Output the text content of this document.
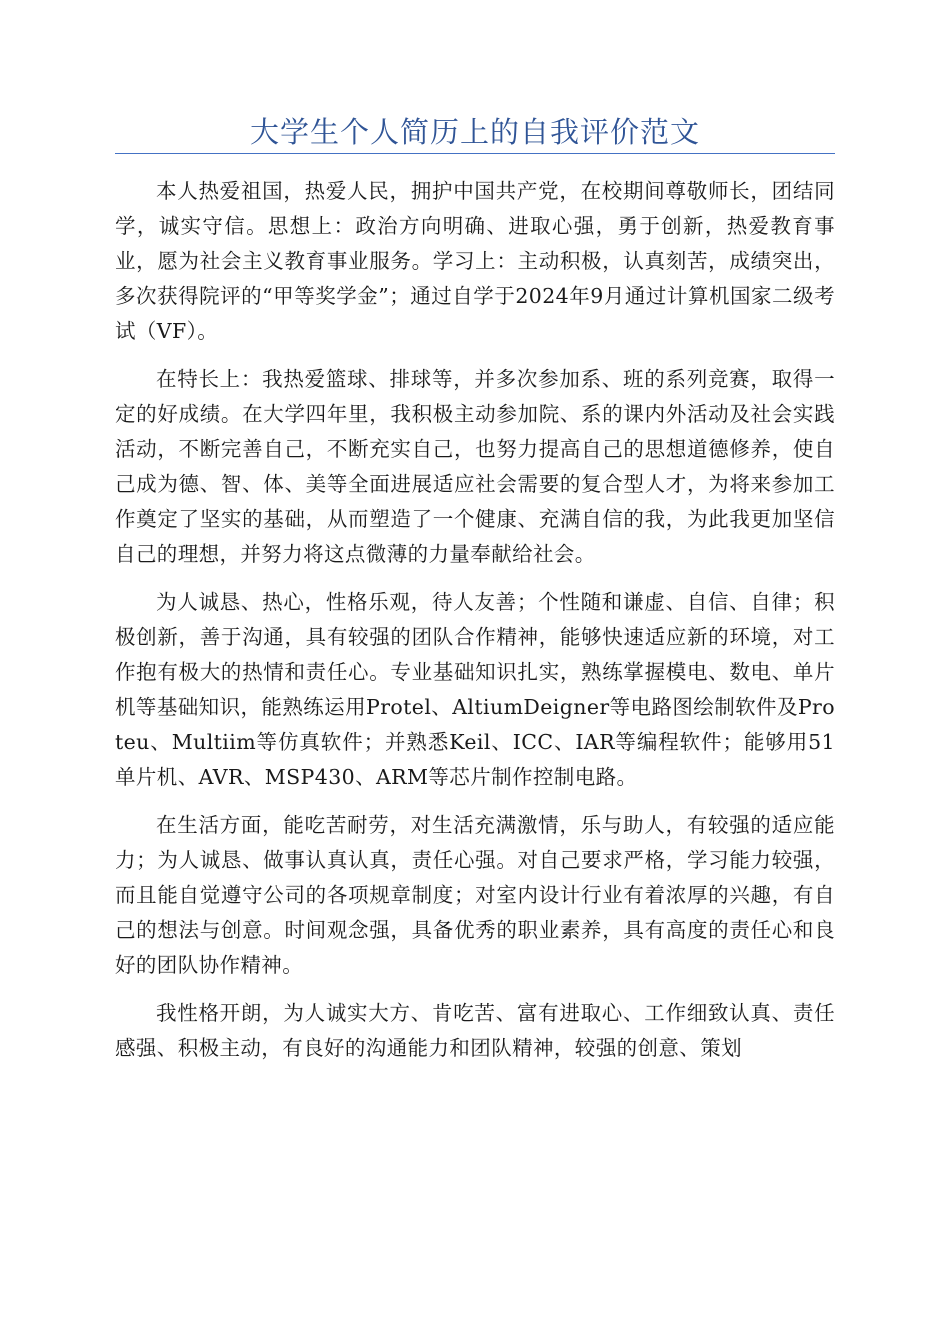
大学生个人简历上的自我评价范文

本人热爱祖国，热爱人民，拥护中国共产党，在校期间尊敬师长，团结同学，诚实守信。思想上：政治方向明确、进取心强，勇于创新，热爱教育事业，愿为社会主义教育事业服务。学习上：主动积极，认真刻苦，成绩突出，多次获得院评的“甲等奖学金”；通过自学于2024年9月通过计算机国家二级考试（VF）。

在特长上：我热爱篮球、排球等，并多次参加系、班的系列竞赛，取得一定的好成绩。在大学四年里，我积极主动参加院、系的课内外活动及社会实践活动，不断完善自己，不断充实自己，也努力提高自己的思想道德修养，使自己成为德、智、体、美等全面进展适应社会需要的复合型人才，为将来参加工作奠定了坚实的基础，从而塑造了一个健康、充满自信的我，为此我更加坚信自己的理想，并努力将这点微薄的力量奉献给社会。

为人诚恳、热心，性格乐观，待人友善；个性随和谦虚、自信、自律；积极创新，善于沟通，具有较强的团队合作精神，能够快速适应新的环境，对工作抱有极大的热情和责任心。专业基础知识扎实，熟练掌握模电、数电、单片机等基础知识，能熟练运用Protel、AltiumDeigner等电路图绘制软件及Proteu、Multiim等仿真软件；并熟悉Keil、ICC、IAR等编程软件；能够用51单片机、AVR、MSP430、ARM等芯片制作控制电路。

在生活方面，能吃苦耐劳，对生活充满激情，乐与助人，有较强的适应能力；为人诚恳、做事认真认真，责任心强。对自己要求严格，学习能力较强，而且能自觉遵守公司的各项规章制度；对室内设计行业有着浓厚的兴趣，有自己的想法与创意。时间观念强，具备优秀的职业素养，具有高度的责任心和良好的团队协作精神。

我性格开朗，为人诚实大方、肯吃苦、富有进取心、工作细致认真、责任感强、积极主动，有良好的沟通能力和团队精神，较强的创意、策划
